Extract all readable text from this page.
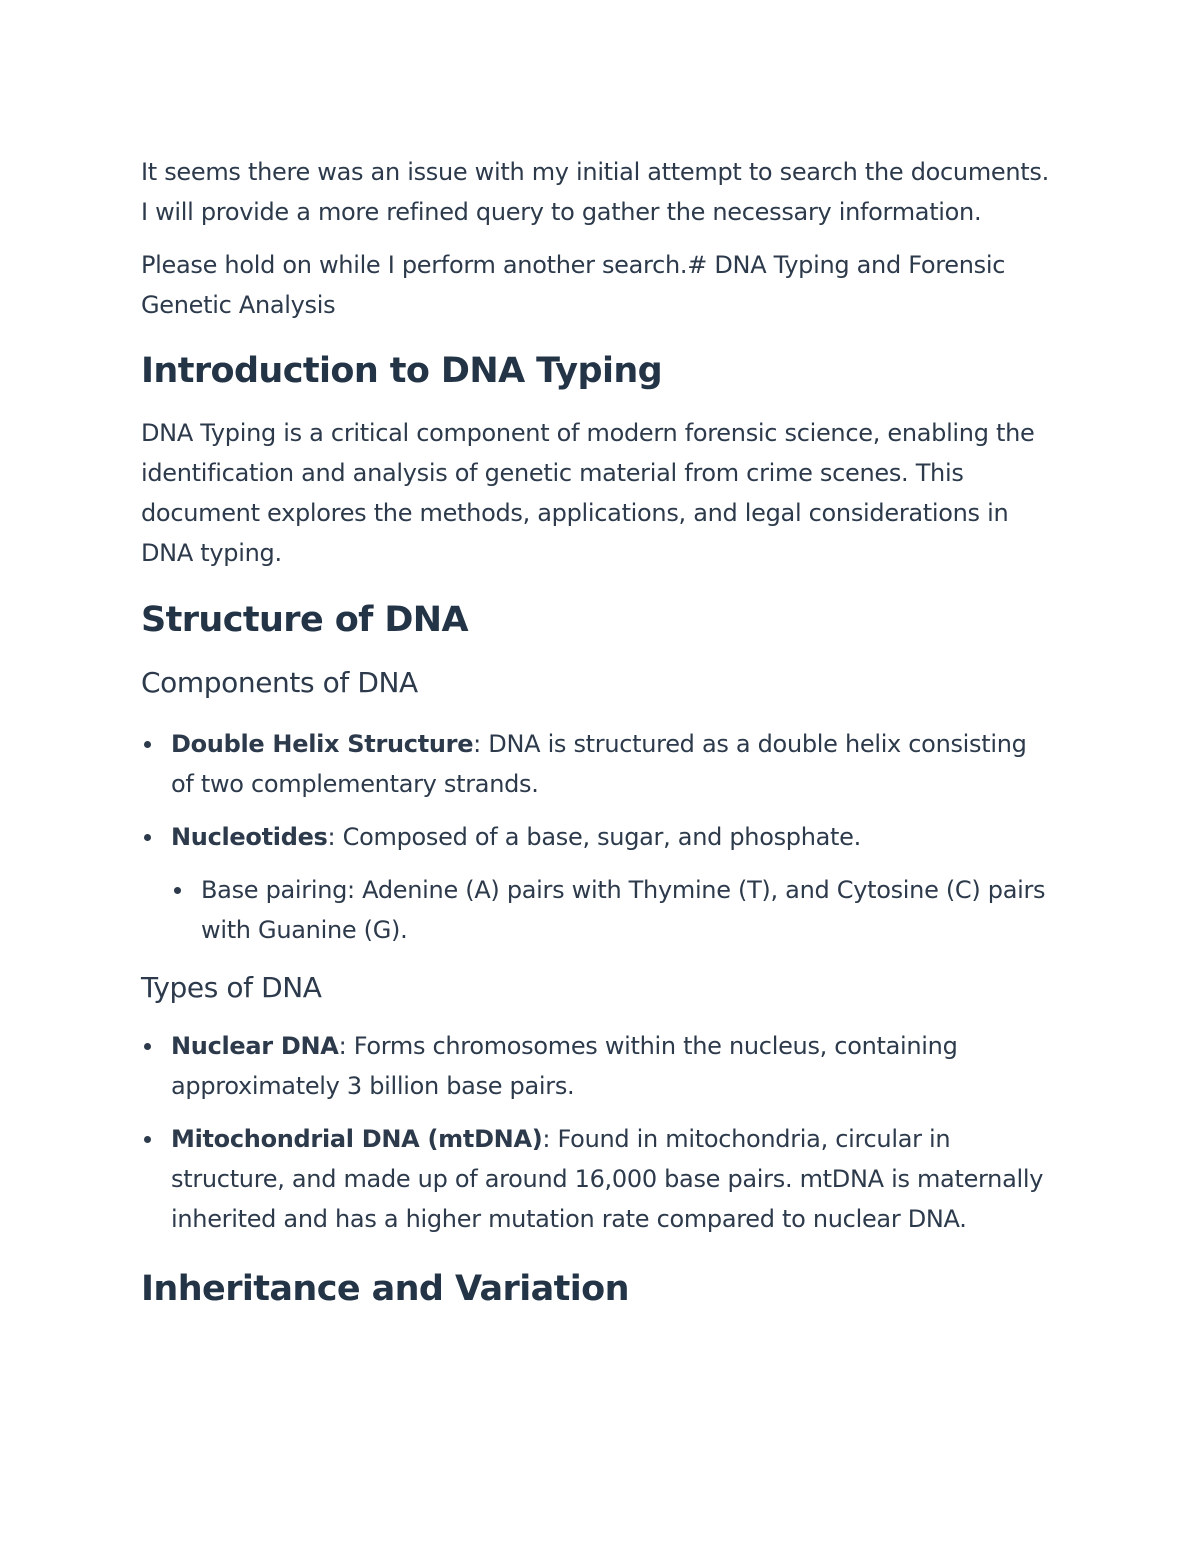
It seems there was an issue with my initial attempt to search the documents. I will provide a more refined query to gather the necessary information.

Please hold on while I perform another search.# DNA Typing and Forensic Genetic Analysis

Introduction to DNA Typing

DNA Typing is a critical component of modern forensic science, enabling the identification and analysis of genetic material from crime scenes. This document explores the methods, applications, and legal considerations in DNA typing.

Structure of DNA
Components of DNA
Double Helix Structure: DNA is structured as a double helix consisting of two complementary strands.
Nucleotides: Composed of a base, sugar, and phosphate.
Base pairing: Adenine (A) pairs with Thymine (T), and Cytosine (C) pairs with Guanine (G).
Types of DNA
Nuclear DNA: Forms chromosomes within the nucleus, containing approximately 3 billion base pairs.
Mitochondrial DNA (mtDNA): Found in mitochondria, circular in structure, and made up of around 16,000 base pairs. mtDNA is maternally inherited and has a higher mutation rate compared to nuclear DNA.
Inheritance and Variation
